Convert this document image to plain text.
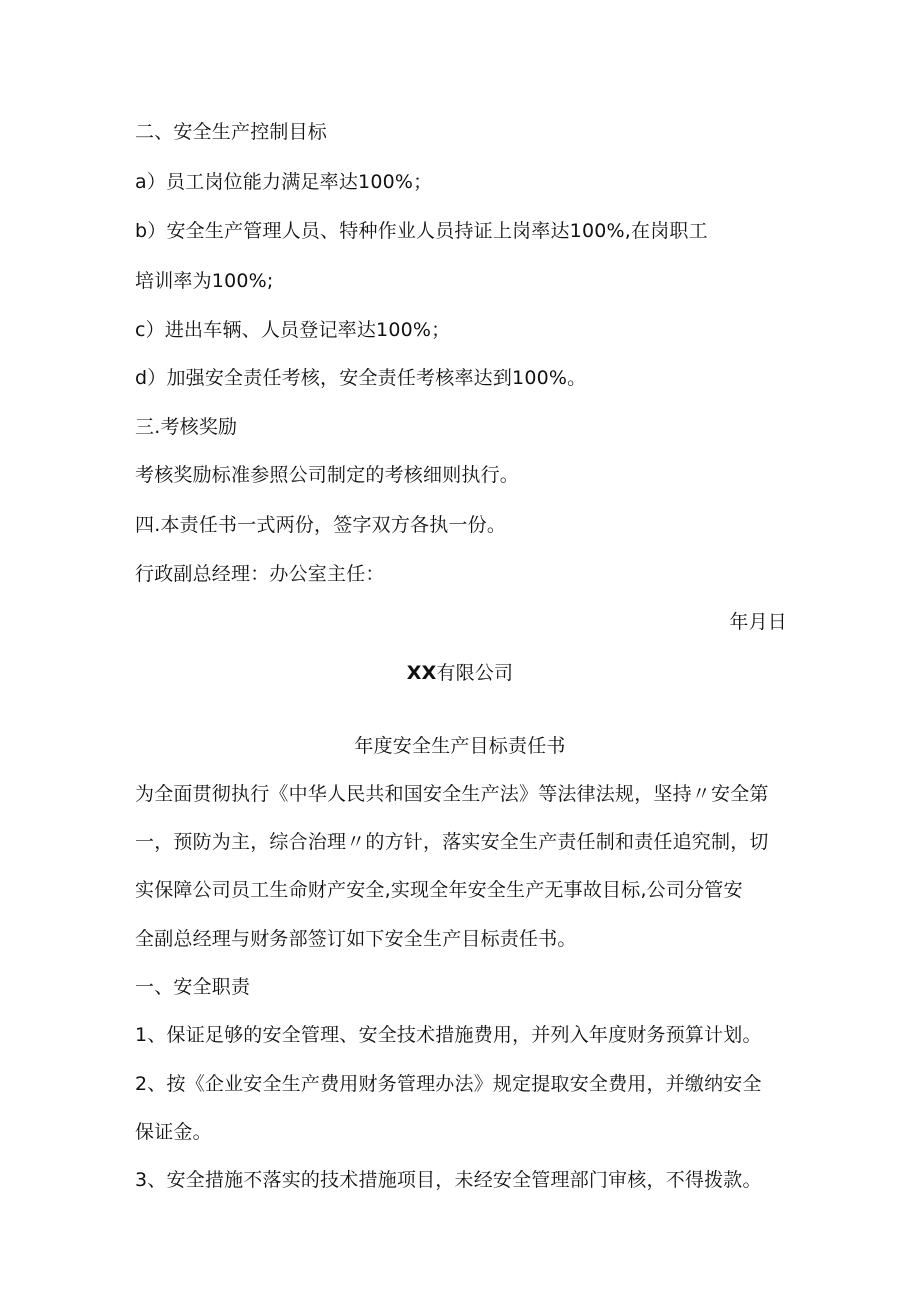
二、安全生产控制目标
a）员工岗位能力满足率达100%；
b）安全生产管理人员、特种作业人员持证上岗率达100%,在岗职工
培训率为100%;
c）进出车辆、人员登记率达100%；
d）加强安全责任考核，安全责任考核率达到100%。
三.考核奖励
考核奖励标准参照公司制定的考核细则执行。
四.本责任书一式两份，签字双方各执一份。
行政副总经理：办公室主任：
年月日
XX有限公司
年度安全生产目标责任书
为全面贯彻执行《中华人民共和国安全生产法》等法律法规，坚持〃安全第
一，预防为主，综合治理〃的方针，落实安全生产责任制和责任追究制，切
实保障公司员工生命财产安全,实现全年安全生产无事故目标,公司分管安
全副总经理与财务部签订如下安全生产目标责任书。
一、安全职责
1、保证足够的安全管理、安全技术措施费用，并列入年度财务预算计划。
2、按《企业安全生产费用财务管理办法》规定提取安全费用，并缴纳安全
保证金。
3、安全措施不落实的技术措施项目，未经安全管理部门审核，不得拨款。
